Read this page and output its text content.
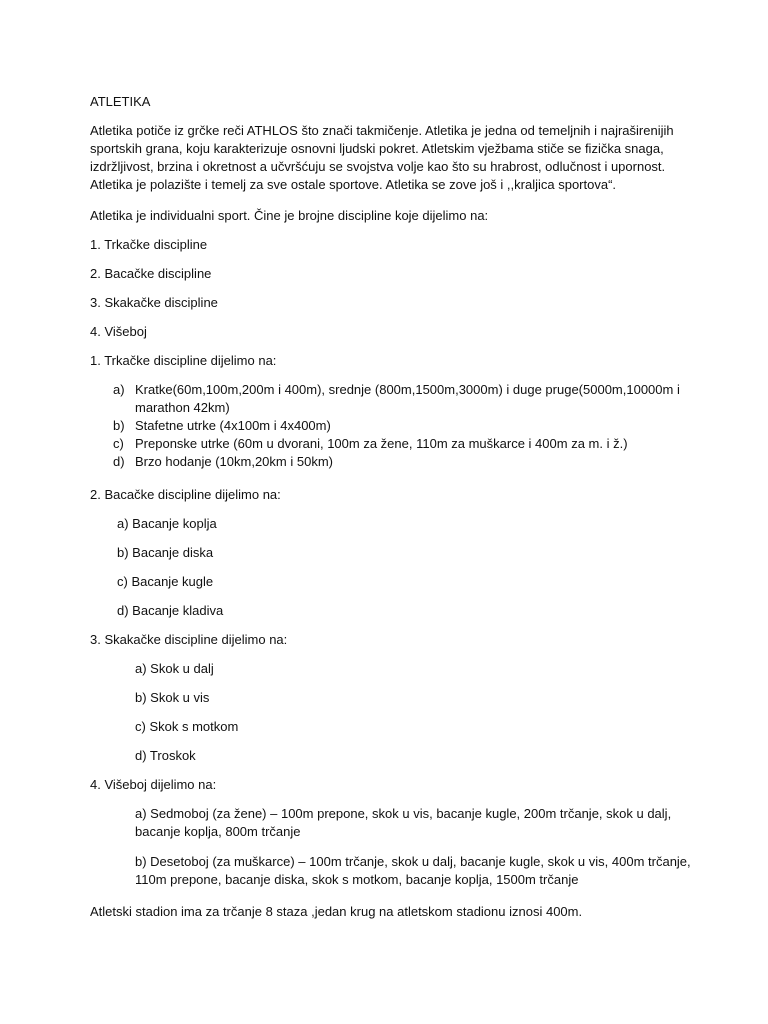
ATLETIKA

Atletika potiče iz grčke reči ATHLOS što znači takmičenje. Atletika je jedna od temeljnih i najraširenijih
sportskih grana, koju karakterizuje osnovni ljudski pokret. Atletskim vježbama stiče se fizička snaga,
izdržljivost, brzina i okretnost a učvršćuju se svojstva volje kao što su hrabrost, odlučnost i upornost.
Atletika je polazište i temelj za sve ostale sportove. Atletika se zove još i ,,kraljica sportova“.

Atletika je individualni sport. Čine je brojne discipline koje dijelimo na:

1. Trkačke discipline

2. Bacačke discipline

3. Skakačke discipline

4. Višeboj

1. Trkačke discipline dijelimo na:

a) Kratke(60m,100m,200m i 400m), srednje (800m,1500m,3000m) i duge pruge(5000m,10000m i
marathon 42km)
b) Stafetne utrke (4x100m i 4x400m)
c) Preponske utrke (60m u dvorani, 100m za žene, 110m za muškarce i 400m za m. i ž.)
d) Brzo hodanje (10km,20km i 50km)

2. Bacačke discipline dijelimo na:

a) Bacanje koplja

b) Bacanje diska

c) Bacanje kugle

d) Bacanje kladiva

3. Skakačke discipline dijelimo na:

a) Skok u dalj

b) Skok u vis

c) Skok s motkom

d) Troskok

4. Višeboj dijelimo na:

a) Sedmoboj (za žene) – 100m prepone, skok u vis, bacanje kugle, 200m trčanje, skok u dalj,
bacanje koplja, 800m trčanje

b) Desetoboj (za muškarce) – 100m trčanje, skok u dalj, bacanje kugle, skok u vis, 400m trčanje,
110m prepone, bacanje diska, skok s motkom, bacanje koplja, 1500m trčanje

Atletski stadion ima za trčanje 8 staza ,jedan krug na atletskom stadionu iznosi 400m.
